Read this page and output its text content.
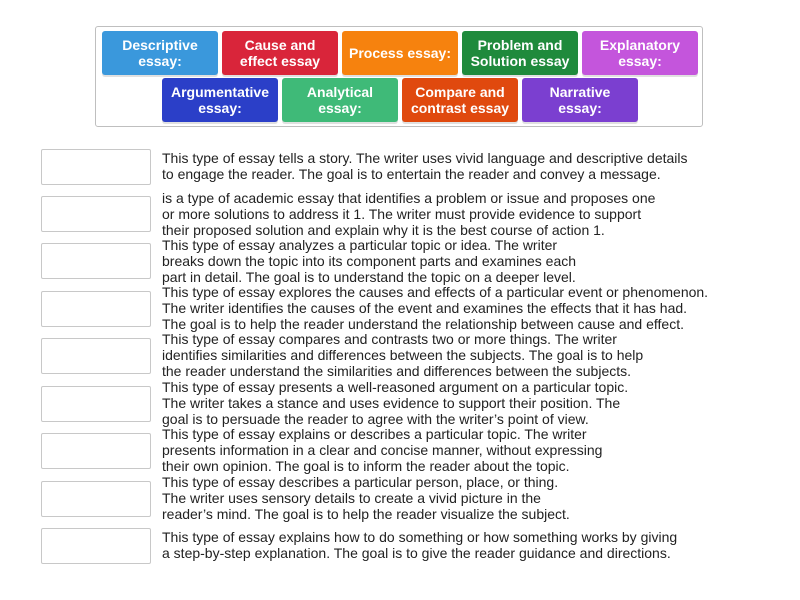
Descriptive
essay:
Cause and
effect essay	Process essay:	Problem and
Solution essay
Explanatory
essay:
Argumentative
essay:
Analytical
essay:
Compare and
contrast essay
Narrative
essay:
This type of essay tells a story. The writer uses vivid language and descriptive details
to engage the reader. The goal is to entertain the reader and convey a message.
is a type of academic essay that identifies a problem or issue and proposes one
or more solutions to address it 1. The writer must provide evidence to support
their proposed solution and explain why it is the best course of action 1.
This type of essay analyzes a particular topic or idea. The writer
breaks down the topic into its component parts and examines each
part in detail. The goal is to understand the topic on a deeper level.
This type of essay explores the causes and effects of a particular event or phenomenon.
The writer identifies the causes of the event and examines the effects that it has had.
The goal is to help the reader understand the relationship between cause and effect.
This type of essay compares and contrasts two or more things. The writer
identifies similarities and differences between the subjects. The goal is to help
the reader understand the similarities and differences between the subjects.
This type of essay presents a well-reasoned argument on a particular topic.
The writer takes a stance and uses evidence to support their position. The
goal is to persuade the reader to agree with the writer’s point of view.
This type of essay explains or describes a particular topic. The writer
presents information in a clear and concise manner, without expressing
their own opinion. The goal is to inform the reader about the topic.
This type of essay describes a particular person, place, or thing.
The writer uses sensory details to create a vivid picture in the
reader’s mind. The goal is to help the reader visualize the subject.
This type of essay explains how to do something or how something works by giving
a step-by-step explanation. The goal is to give the reader guidance and directions.
